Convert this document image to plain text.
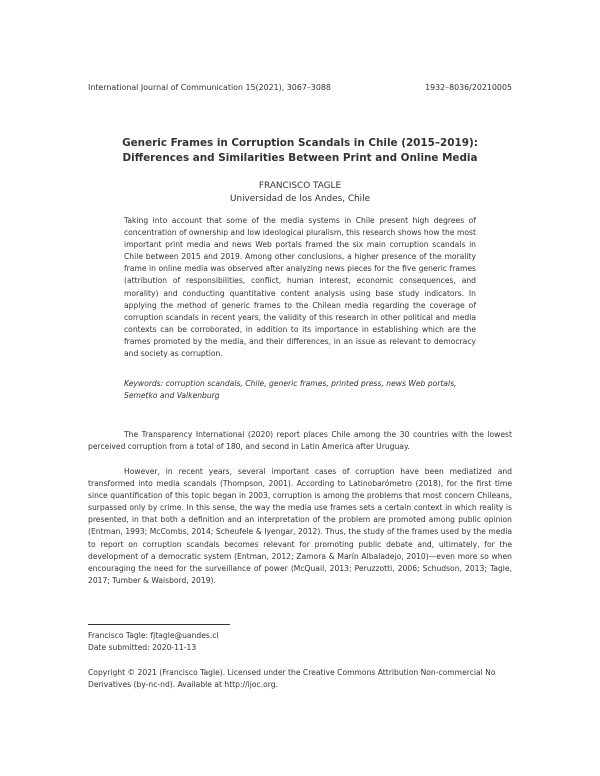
International Journal of Communication 15(2021), 3067–3088	1932–8036/20210005
Generic Frames in Corruption Scandals in Chile (2015–2019):
Differences and Similarities Between Print and Online Media
FRANCISCO TAGLE
Universidad de los Andes, Chile
Taking into account that some of the media systems in Chile present high degrees of concentration of ownership and low ideological pluralism, this research shows how the most important print media and news Web portals framed the six main corruption scandals in Chile between 2015 and 2019. Among other conclusions, a higher presence of the morality frame in online media was observed after analyzing news pieces for the five generic frames (attribution of responsibilities, conflict, human interest, economic consequences, and morality) and conducting quantitative content analysis using base study indicators. In applying the method of generic frames to the Chilean media regarding the coverage of corruption scandals in recent years, the validity of this research in other political and media contexts can be corroborated, in addition to its importance in establishing which are the frames promoted by the media, and their differences, in an issue as relevant to democracy and society as corruption.
Keywords: corruption scandals, Chile, generic frames, printed press, news Web portals, Semetko and Valkenburg
The Transparency International (2020) report places Chile among the 30 countries with the lowest perceived corruption from a total of 180, and second in Latin America after Uruguay.
However, in recent years, several important cases of corruption have been mediatized and transformed into media scandals (Thompson, 2001). According to Latinobarómetro (2018), for the first time since quantification of this topic began in 2003, corruption is among the problems that most concern Chileans, surpassed only by crime. In this sense, the way the media use frames sets a certain context in which reality is presented, in that both a definition and an interpretation of the problem are promoted among public opinion (Entman, 1993; McCombs, 2014; Scheufele & Iyengar, 2012). Thus, the study of the frames used by the media to report on corruption scandals becomes relevant for promoting public debate and, ultimately, for the development of a democratic system (Entman, 2012; Zamora & Marín Albaladejo, 2010)—even more so when encouraging the need for the surveillance of power (McQuail, 2013; Peruzzotti, 2006; Schudson, 2013; Tagle, 2017; Tumber & Waisbord, 2019).
Francisco Tagle: fjtagle@uandes.cl
Date submitted: 2020-11-13
Copyright © 2021 (Francisco Tagle). Licensed under the Creative Commons Attribution Non-commercial No Derivatives (by-nc-nd). Available at http://ijoc.org.
